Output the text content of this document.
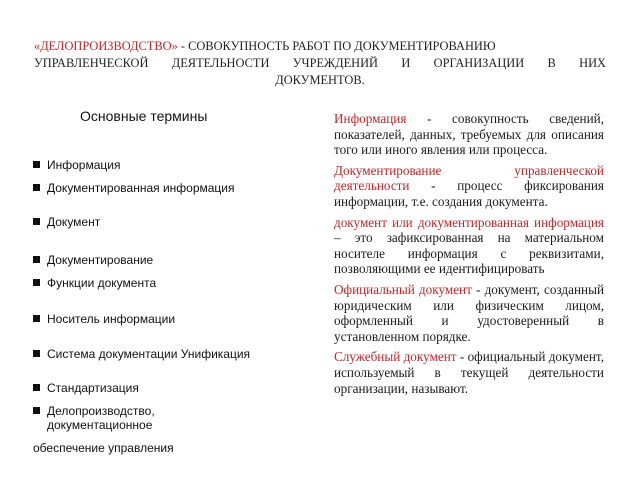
«ДЕЛОПРОИЗВОДСТВО» - СОВОКУПНОСТЬ РАБОТ ПО ДОКУМЕНТИРОВАНИЮ
УПРАВЛЕНЧЕСКОЙ ДЕЯТЕЛЬНОСТИ УЧРЕЖДЕНИЙ И ОРГАНИЗАЦИИ В НИХ
ДОКУМЕНТОВ.
Основные термины
Информация
Документированная информация
Документ
Документирование
Функции документа
Носитель информации
Система документации Унификация
Стандартизация
Делопроизводство,
документационное
обеспечение управления

Информация - совокупность сведений, показателей, данных, требуемых для описания того или иного явления или процесса.

Документирование управленческой деятельности - процесс фиксирования информации, т.е. создания документа.

документ или документированная информация – это зафиксированная на материальном носителе информация с реквизитами, позволяющими ее идентифицировать

Официальный документ - документ, созданный юридическим или физическим лицом, оформленный и удостоверенный в установленном порядке.

Служебный документ - официальный документ, используемый в текущей деятельности организации, называют.
